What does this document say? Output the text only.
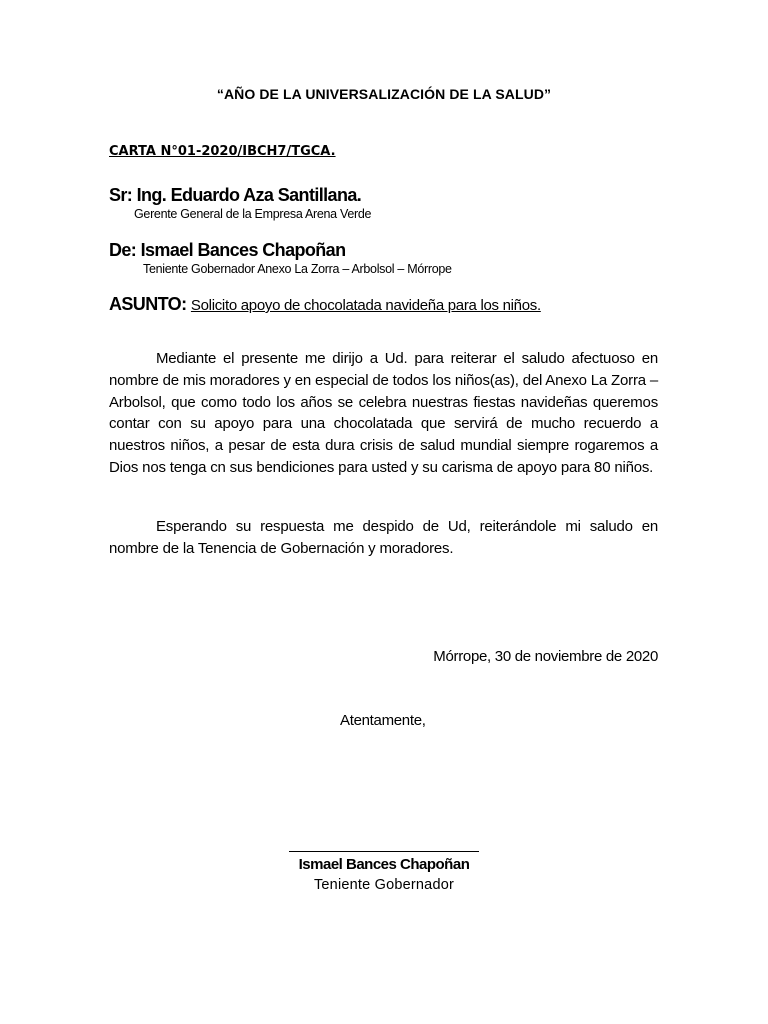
“AÑO DE LA UNIVERSALIZACIÓN DE LA SALUD”
CARTA N°01-2020/IBCH7/TGCA.
Sr: Ing. Eduardo Aza Santillana.
Gerente General de la Empresa Arena Verde
De: Ismael Bances Chapoñan
Teniente Gobernador Anexo La Zorra – Arbolsol – Mórrope
ASUNTO: Solicito apoyo de chocolatada navideña para los niños.
Mediante el presente me dirijo a Ud. para reiterar el saludo afectuoso en nombre de mis moradores y en especial de todos los niños(as), del Anexo La Zorra – Arbolsol, que como todo los años se celebra nuestras fiestas navideñas queremos contar con su apoyo para una chocolatada que servirá de mucho recuerdo a nuestros niños, a pesar de esta dura crisis de salud mundial siempre rogaremos a Dios nos tenga cn sus bendiciones para usted y su carisma de apoyo para 80 niños.
Esperando su respuesta me despido de Ud, reiterándole mi saludo en nombre de la Tenencia de Gobernación y moradores.
Mórrope, 30 de noviembre de 2020
Atentamente,
Ismael Bances Chapoñan
Teniente Gobernador
